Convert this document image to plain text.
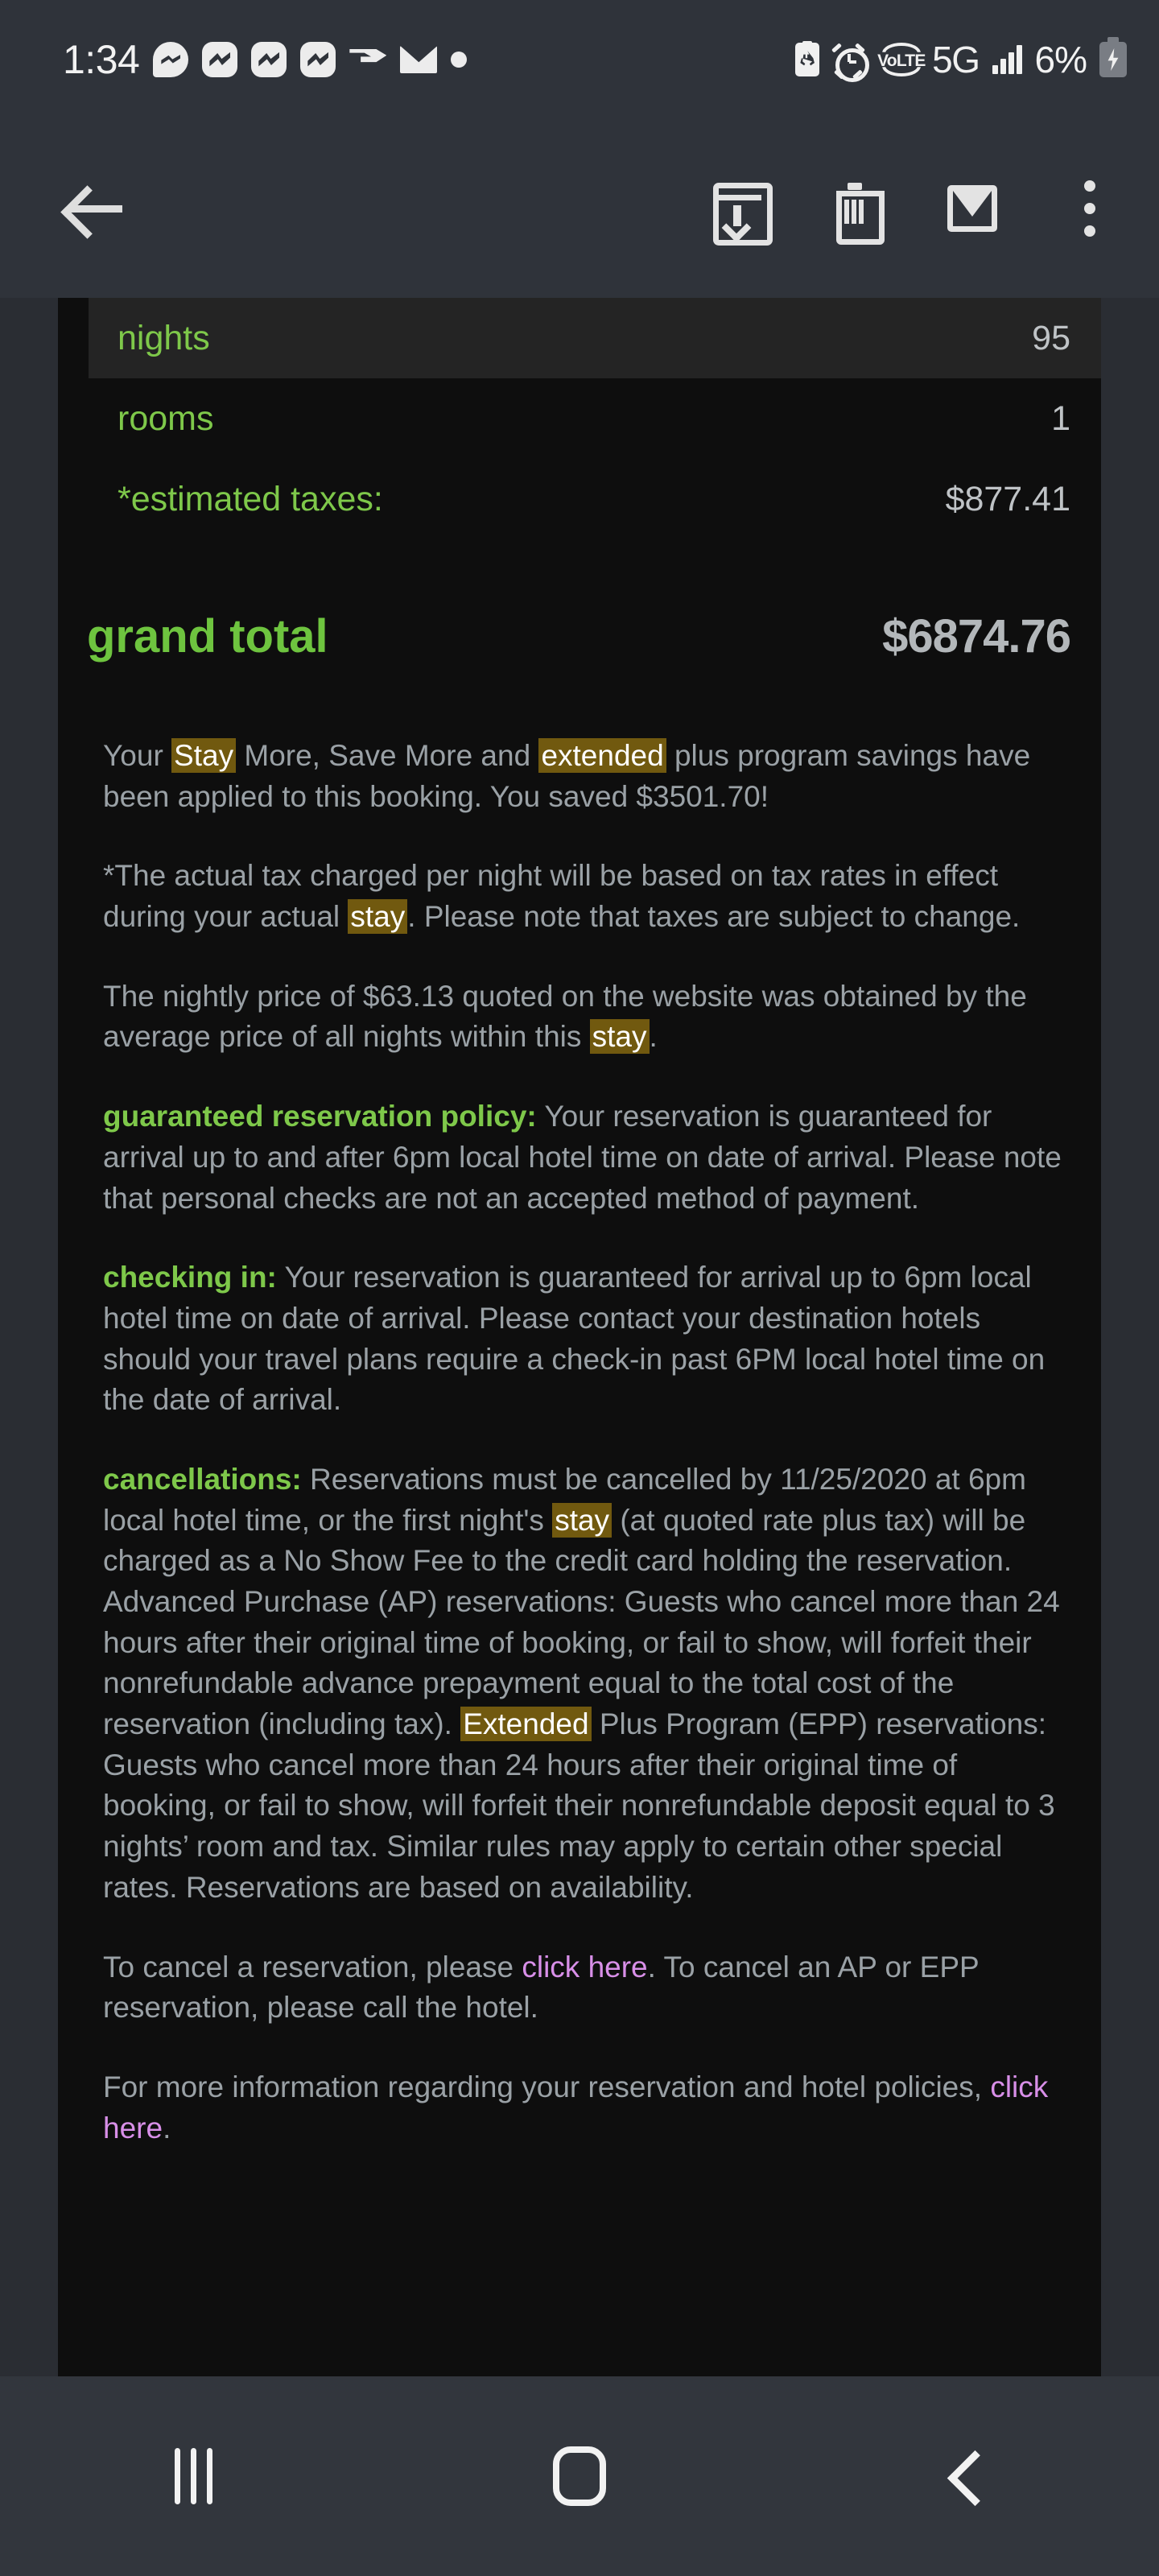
1:34	VoLTE 5G 6%
nights	95
rooms	1
*estimated taxes:	$877.41
grand total	$6874.76
Your Stay More, Save More and extended plus program savings have been applied to this booking. You saved $3501.70!
*The actual tax charged per night will be based on tax rates in effect during your actual stay. Please note that taxes are subject to change.
The nightly price of $63.13 quoted on the website was obtained by the average price of all nights within this stay.
guaranteed reservation policy: Your reservation is guaranteed for arrival up to and after 6pm local hotel time on date of arrival. Please note that personal checks are not an accepted method of payment.
checking in: Your reservation is guaranteed for arrival up to 6pm local hotel time on date of arrival. Please contact your destination hotels should your travel plans require a check-in past 6PM local hotel time on the date of arrival.
cancellations: Reservations must be cancelled by 11/25/2020 at 6pm local hotel time, or the first night's stay (at quoted rate plus tax) will be charged as a No Show Fee to the credit card holding the reservation. Advanced Purchase (AP) reservations: Guests who cancel more than 24 hours after their original time of booking, or fail to show, will forfeit their nonrefundable advance prepayment equal to the total cost of the reservation (including tax). Extended Plus Program (EPP) reservations: Guests who cancel more than 24 hours after their original time of booking, or fail to show, will forfeit their nonrefundable deposit equal to 3 nights’ room and tax. Similar rules may apply to certain other special rates. Reservations are based on availability.
To cancel a reservation, please click here. To cancel an AP or EPP reservation, please call the hotel.
For more information regarding your reservation and hotel policies, click here.
